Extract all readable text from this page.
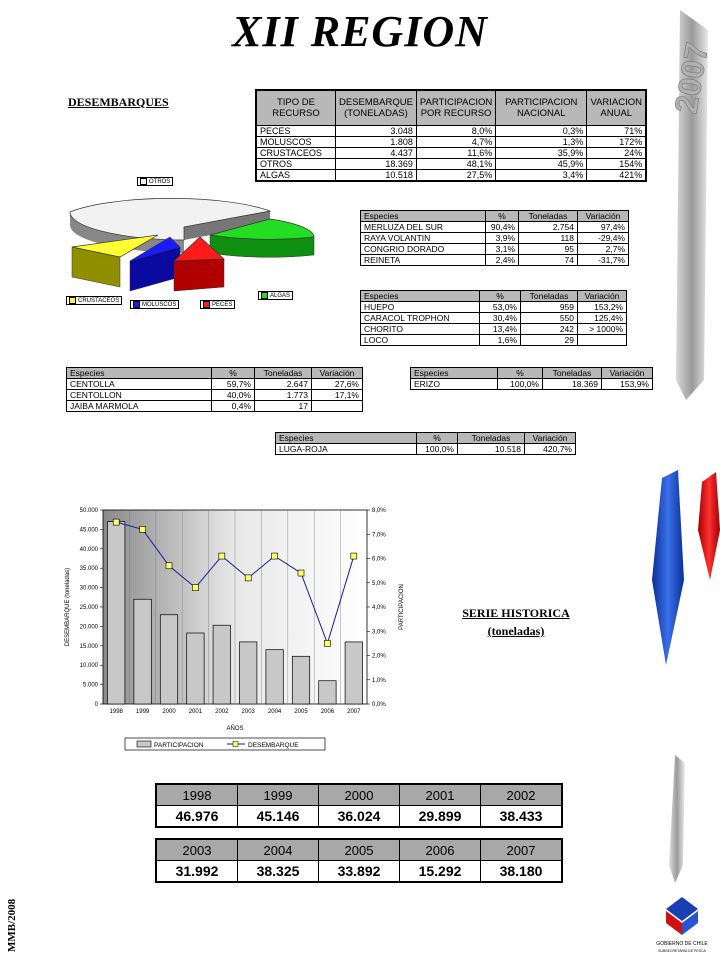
XII REGION
2007
DESEMBARQUES	TIPO DE RECURSO	DESEMBARQUE (TONELADAS)	PARTICIPACION POR RECURSO	PARTICIPACION NACIONAL	VARIACION ANUAL
PECES	3.048	8,0%	0,3%	71%
MOLUSCOS	1.808	4,7%	1,3%	172%
CRUSTACEOS	4.437	11,6%	35,9%	24%
OTROS	18.369	48,1%	45,9%	154%
ALGAS	10.518	27,5%	3,4%	421%
OTROS
CRUSTACEOS
MOLUSCOS	PECES
ALGAS
Especies	%	Toneladas	Variación
MERLUZA DEL SUR	90,4%	2.754	97,4%
RAYA VOLANTIN	3,9%	118	-29,4%
CONGRIO DORADO	3,1%	95	2,7%
REINETA	2,4%	74	-31,7%
Especies	%	Toneladas	Variación
HUEPO	53,0%	959	153,2%
CARACOL TROPHON	30,4%	550	125,4%
CHORITO	13,4%	242	> 1000%
LOCO	1,6%	29	
Especies	%	Toneladas	Variación
CENTOLLA	59,7%	2.647	27,6%
CENTOLLON	40,0%	1.773	17,1%
JAIBA MARMOLA	0,4%	17	
Especies	%	Toneladas	Variación
ERIZO	100,0%	18.369	153,9%
Especies	%	Toneladas	Variación
LUGA-ROJA	100,0%	10.518	420,7%
0
5.000
10.000
15.000
20.000
25.000
30.000
35.000
40.000
45.000
50.000
0,0%
1,0%
2,0%
3,0%
4,0%
5,0%
6,0%
7,0%
8,0%
1998 1999 2000 2001 2002 2003 2004 2005 2006 2007
DESEMBARQUE (toneladas)	PARTICIPACION
AÑOS
PARTICIPACION	DESEMBARQUE
SERIE HISTORICA
(toneladas)
1998	1999	2000	2001	2002
46.976	45.146	36.024	29.899	38.433
2003	2004	2005	2006	2007
31.992	38.325	33.892	15.292	38.180
MMB/2008	GOBIERNO DE CHILE
SUBSECRETARIA DE PESCA
